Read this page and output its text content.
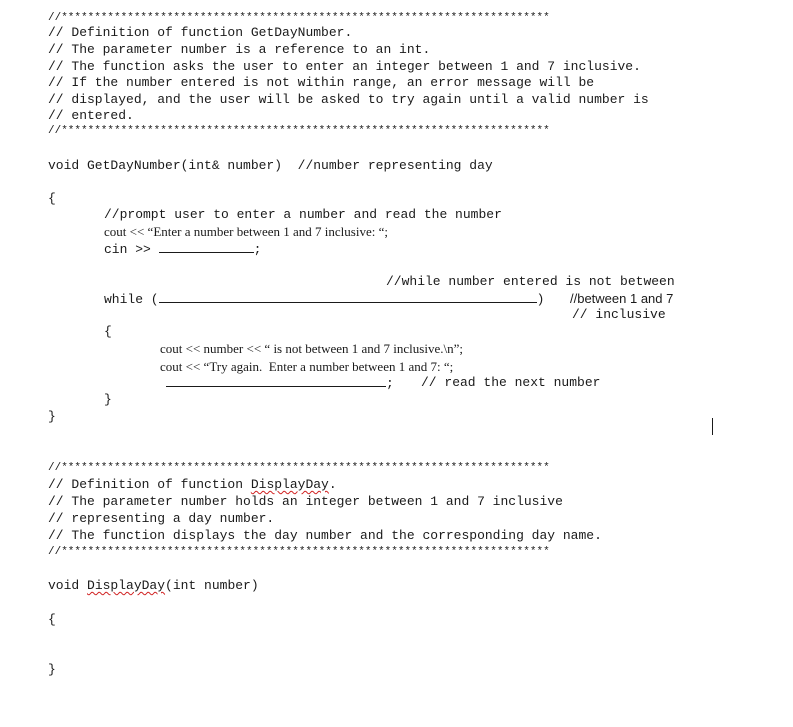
//**************************************************************************
// Definition of function GetDayNumber.
// The parameter number is a reference to an int.
// The function asks the user to enter an integer between 1 and 7 inclusive.
// If the number entered is not within range, an error message will be
// displayed, and the user will be asked to try again until a valid number is
// entered.
//**************************************************************************
void GetDayNumber(int& number)  //number representing day
{
//prompt user to enter a number and read the number
cout << “Enter a number between 1 and 7 inclusive: “;
cin >>	;
//while number entered is not between
while (	) //between 1 and 7
// inclusive
{
cout << number << “ is not between 1 and 7 inclusive.\n”;
cout << “Try again.  Enter a number between 1 and 7: “;
; // read the next number
}
}
//**************************************************************************
// Definition of function DisplayDay.
// The parameter number holds an integer between 1 and 7 inclusive
// representing a day number.
// The function displays the day number and the corresponding day name.
//**************************************************************************
void DisplayDay(int number)
{
}
